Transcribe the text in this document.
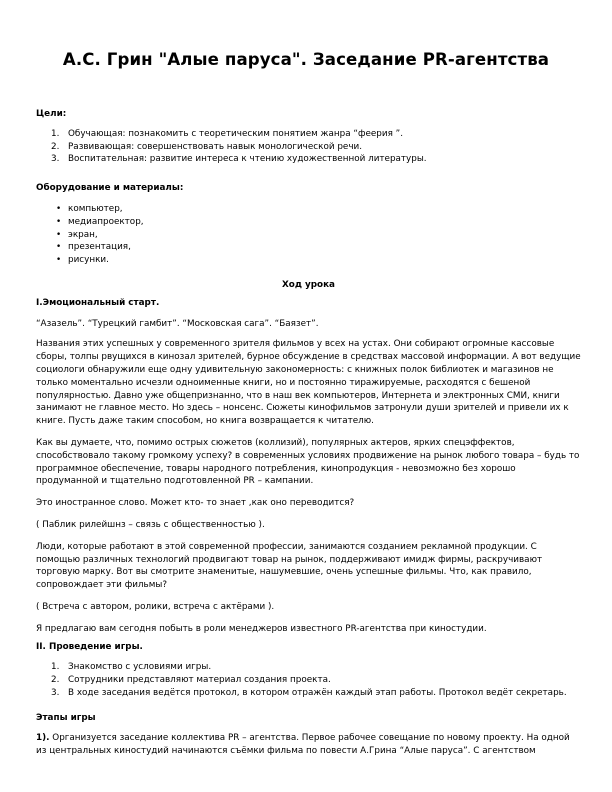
А.С. Грин "Алые паруса". Заседание PR-агентства

Цели:

1. Обучающая: познакомить с теоретическим понятием жанра “феерия ”.
2. Развивающая: совершенствовать навык монологической речи.
3. Воспитательная: развитие интереса к чтению художественной литературы.

Оборудование и материалы:

• компьютер,
• медиапроектор,
• экран,
• презентация,
• рисунки.

Ход урока

I.Эмоциональный старт.

“Азазель”. “Турецкий гамбит”. “Московская сага”. “Баязет”.

Названия этих успешных у современного зрителя фильмов у всех на устах. Они собирают огромные кассовые сборы, толпы рвущихся в кинозал зрителей, бурное обсуждение в средствах массовой информации. А вот ведущие социологи обнаружили еще одну удивительную закономерность: с книжных полок библиотек и магазинов не только моментально исчезли одноименные книги, но и постоянно тиражируемые, расходятся с бешеной популярностью. Давно уже общепризнанно, что в наш век компьютеров, Интернета и электронных СМИ, книги занимают не главное место. Но здесь – нонсенс. Сюжеты кинофильмов затронули души зрителей и привели их к книге. Пусть даже таким способом, но книга возвращается к читателю.

Как вы думаете, что, помимо острых сюжетов (коллизий), популярных актеров, ярких спецэффектов, способствовало такому громкому успеху? в современных условиях продвижение на рынок любого товара – будь то программное обеспечение, товары народного потребления, кинопродукция - невозможно без хорошо продуманной и тщательно подготовленной PR – кампании.

Это иностранное слово. Может кто- то знает ,как оно переводится?

( Паблик рилейшнз – связь с общественностью ).

Люди, которые работают в этой современной профессии, занимаются созданием рекламной продукции. С помощью различных технологий продвигают товар на рынок, поддерживают имидж фирмы, раскручивают торговую марку. Вот вы смотрите знаменитые, нашумевшие, очень успешные фильмы. Что, как правило, сопровождает эти фильмы?

( Встреча с автором, ролики, встреча с актёрами ).

Я предлагаю вам сегодня побыть в роли менеджеров известного PR-агентства при киностудии.

II. Проведение игры.

1. Знакомство с условиями игры.
2. Сотрудники представляют материал создания проекта.
3. В ходе заседания ведётся протокол, в котором отражён каждый этап работы. Протокол ведёт секретарь.

Этапы игры

1). Организуется заседание коллектива PR – агентства. Первое рабочее совещание по новому проекту. На одной из центральных киностудий начинаются съёмки фильма по повести А.Грина “Алые паруса”. С агентством
